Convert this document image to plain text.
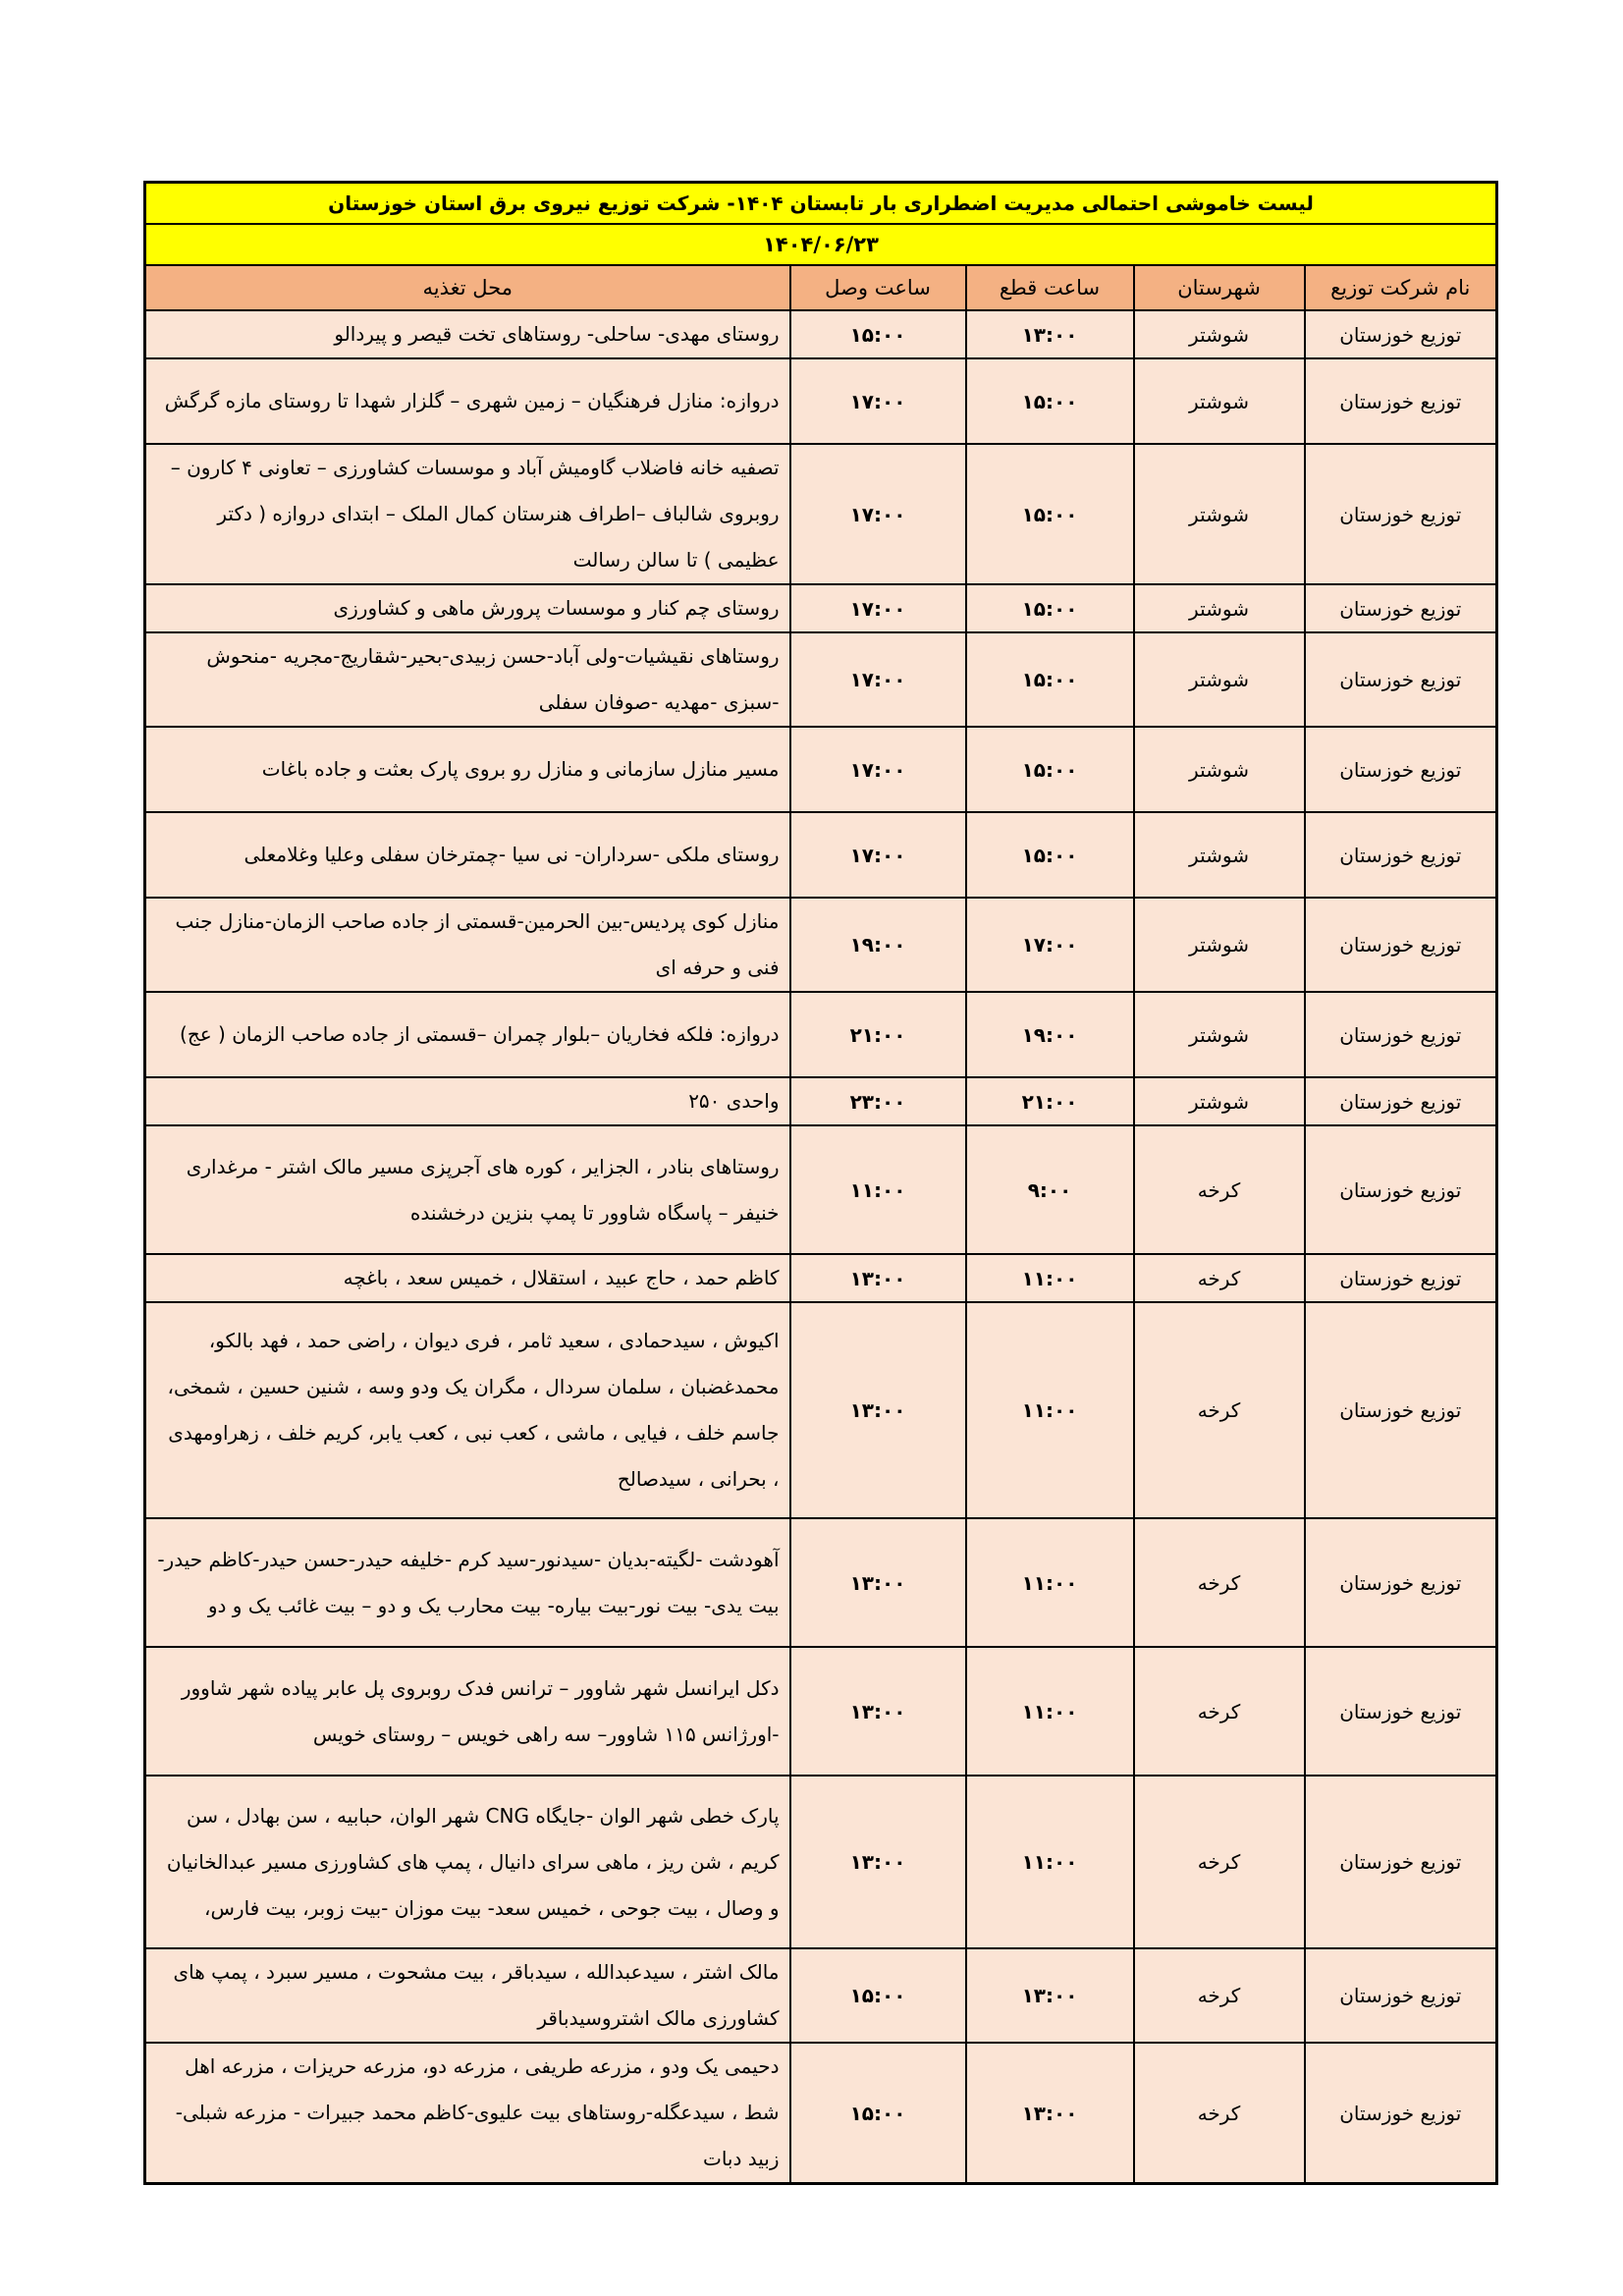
لیست خاموشی احتمالی مدیریت اضطراری بار تابستان ۱۴۰۴- شرکت توزیع نیروی برق استان خوزستان				
۱۴۰۴/۰۶/۲۳				
نام شرکت توزیع	شهرستان	ساعت قطع	ساعت وصل	محل تغذیه
توزیع خوزستان	شوشتر	۱۳:۰۰	۱۵:۰۰	روستای مهدی- ساحلی- روستاهای تخت قیصر و پیردالو
توزیع خوزستان	شوشتر	۱۵:۰۰	۱۷:۰۰	دروازه: منازل فرهنگیان – زمین شهری – گلزار شهدا تا روستای مازه گرگش
توزیع خوزستان	شوشتر	۱۵:۰۰	۱۷:۰۰	تصفیه خانه فاضلاب گاومیش آباد و موسسات کشاورزی – تعاونی ۴ کارون – روبروی شالباف –اطراف هنرستان کمال الملک – ابتدای دروازه ( دکتر عظیمی ) تا سالن رسالت
توزیع خوزستان	شوشتر	۱۵:۰۰	۱۷:۰۰	روستای چم کنار و موسسات پرورش ماهی و کشاورزی
توزیع خوزستان	شوشتر	۱۵:۰۰	۱۷:۰۰	روستاهای نقیشیات-ولی آباد-حسن زبیدی-بحیر-شقاریج-مجریه -منحوش -سبزی -مهدیه -صوفان سفلی
توزیع خوزستان	شوشتر	۱۵:۰۰	۱۷:۰۰	مسیر منازل سازمانی و منازل رو بروی پارک بعثت و جاده باغات
توزیع خوزستان	شوشتر	۱۵:۰۰	۱۷:۰۰	روستای ملکی -سرداران- نی سیا -چمترخان سفلی وعلیا وغلامعلی
توزیع خوزستان	شوشتر	۱۷:۰۰	۱۹:۰۰	منازل کوی پردیس-بین الحرمین-قسمتی از جاده صاحب الزمان-منازل جنب فنی و حرفه ای
توزیع خوزستان	شوشتر	۱۹:۰۰	۲۱:۰۰	دروازه: فلکه فخاریان –بلوار چمران –قسمتی از جاده صاحب الزمان ( عج)
توزیع خوزستان	شوشتر	۲۱:۰۰	۲۳:۰۰	واحدی ۲۵۰
توزیع خوزستان	کرخه	۹:۰۰	۱۱:۰۰	روستاهای بنادر ، الجزایر ، کوره های آجرپزی مسیر مالک اشتر - مرغداری خنیفر – پاسگاه شاوور تا پمپ بنزین درخشنده
توزیع خوزستان	کرخه	۱۱:۰۰	۱۳:۰۰	کاظم حمد ، حاج عبید ، استقلال ، خمیس سعد ، باغچه
توزیع خوزستان	کرخه	۱۱:۰۰	۱۳:۰۰	اکیوش ، سیدحمادی ، سعید ثامر ، فری دیوان ، راضی حمد ، فهد بالکو، محمدغضبان ، سلمان سردال ، مگران یک ودو وسه ، شنین حسین ، شمخی، جاسم خلف ، فیایی ، ماشی ، کعب نبی ، کعب یابر، کریم خلف ، زهراومهدی ، بحرانی ، سیدصالح
توزیع خوزستان	کرخه	۱۱:۰۰	۱۳:۰۰	آهودشت -لگیته-بدیان -سیدنور-سید کرم -خلیفه حیدر-حسن حیدر-کاظم حیدر-بیت یدی- بیت نور-بیت بیاره- بیت محارب یک و دو – بیت غائب یک و دو
توزیع خوزستان	کرخه	۱۱:۰۰	۱۳:۰۰	دکل ایرانسل شهر شاوور – ترانس فدک روبروی پل عابر پیاده شهر شاوور -اورژانس ۱۱۵ شاوور– سه راهی خویس – روستای خویس
توزیع خوزستان	کرخه	۱۱:۰۰	۱۳:۰۰	پارک خطی شهر الوان -جایگاه CNG شهر الوان، حبابیه ، سن بهادل ، سن کریم ، شن ریز ، ماهی سرای دانیال ، پمپ های کشاورزی مسیر عبدالخانیان و وصال ، بیت جوحی ، خمیس سعد- بیت موزان -بیت زوبر، بیت فارس،
توزیع خوزستان	کرخه	۱۳:۰۰	۱۵:۰۰	مالک اشتر ، سیدعبدالله ، سیدباقر ، بیت مشحوت ، مسیر سبرد ، پمپ های کشاورزی مالک اشتروسیدباقر
توزیع خوزستان	کرخه	۱۳:۰۰	۱۵:۰۰	دحیمی یک ودو ، مزرعه طریفی ، مزرعه دو، مزرعه حریزات ، مزرعه اهل شط ، سیدعگله-روستاهای بیت علیوی-کاظم محمد جبیرات - مزرعه شبلی-زبید دبات
